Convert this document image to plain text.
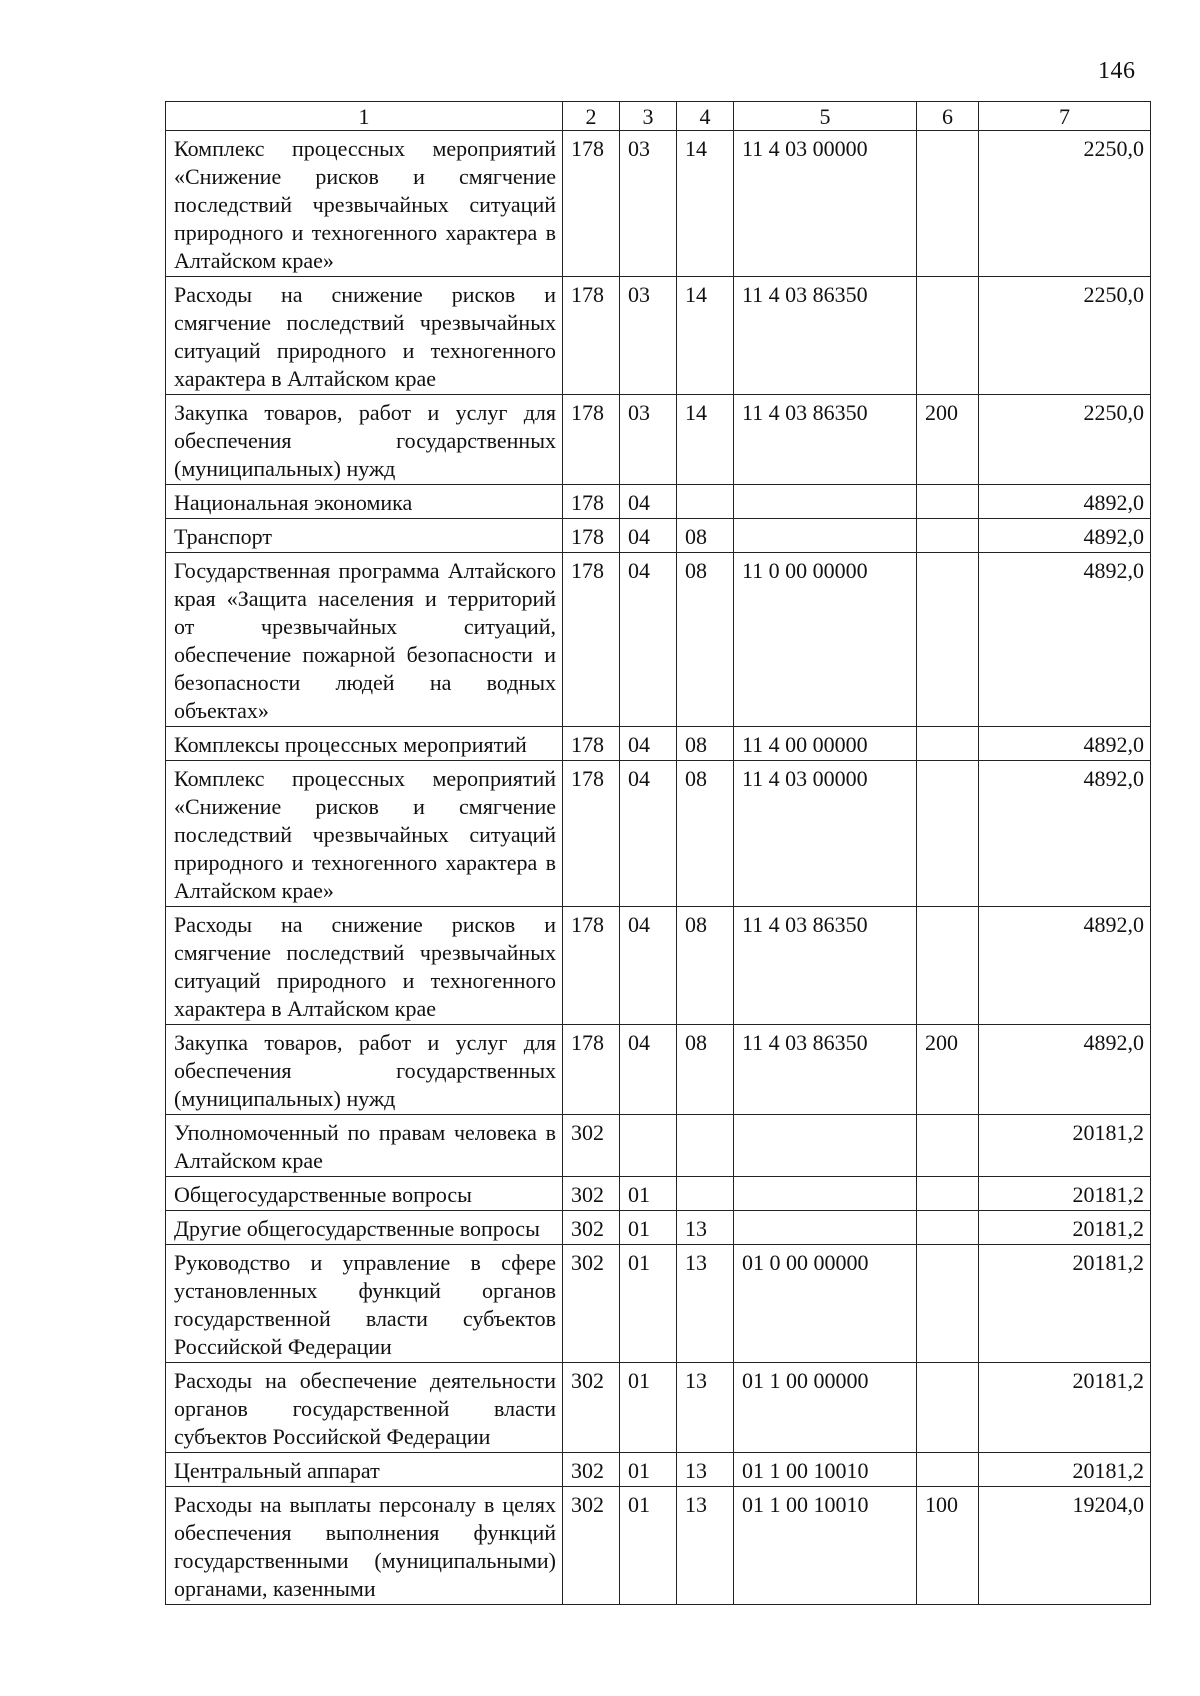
146
1	2	3	4	5	6	7
Комплекс процессных мероприятий «Снижение рисков и смягчение последствий чрезвычайных ситуаций природного и техногенного характера в Алтайском крае»	178	03	14	11 4 03 00000		2250,0
Расходы на снижение рисков и смягчение последствий чрезвычайных ситуаций природного и техногенного характера в Алтайском крае	178	03	14	11 4 03 86350		2250,0
Закупка товаров, работ и услуг для обеспечения государственных (муниципальных) нужд	178	03	14	11 4 03 86350	200	2250,0
Национальная экономика	178	04				4892,0
Транспорт	178	04	08			4892,0
Государственная программа Алтайского края «Защита населения и территорий от чрезвычайных ситуаций, обеспечение пожарной безопасности и безопасности людей на водных объектах»	178	04	08	11 0 00 00000		4892,0
Комплексы процессных мероприятий	178	04	08	11 4 00 00000		4892,0
Комплекс процессных мероприятий «Снижение рисков и смягчение последствий чрезвычайных ситуаций природного и техногенного характера в Алтайском крае»	178	04	08	11 4 03 00000		4892,0
Расходы на снижение рисков и смягчение последствий чрезвычайных ситуаций природного и техногенного характера в Алтайском крае	178	04	08	11 4 03 86350		4892,0
Закупка товаров, работ и услуг для обеспечения государственных (муниципальных) нужд	178	04	08	11 4 03 86350	200	4892,0
Уполномоченный по правам человека в Алтайском крае	302					20181,2
Общегосударственные вопросы	302	01				20181,2
Другие общегосударственные вопросы	302	01	13			20181,2
Руководство и управление в сфере установленных функций органов государственной власти субъектов Российской Федерации	302	01	13	01 0 00 00000		20181,2
Расходы на обеспечение деятельности органов государственной власти субъектов Российской Федерации	302	01	13	01 1 00 00000		20181,2
Центральный аппарат	302	01	13	01 1 00 10010		20181,2
Расходы на выплаты персоналу в целях обеспечения выполнения функций государственными (муниципальными) органами, казенными	302	01	13	01 1 00 10010	100	19204,0
